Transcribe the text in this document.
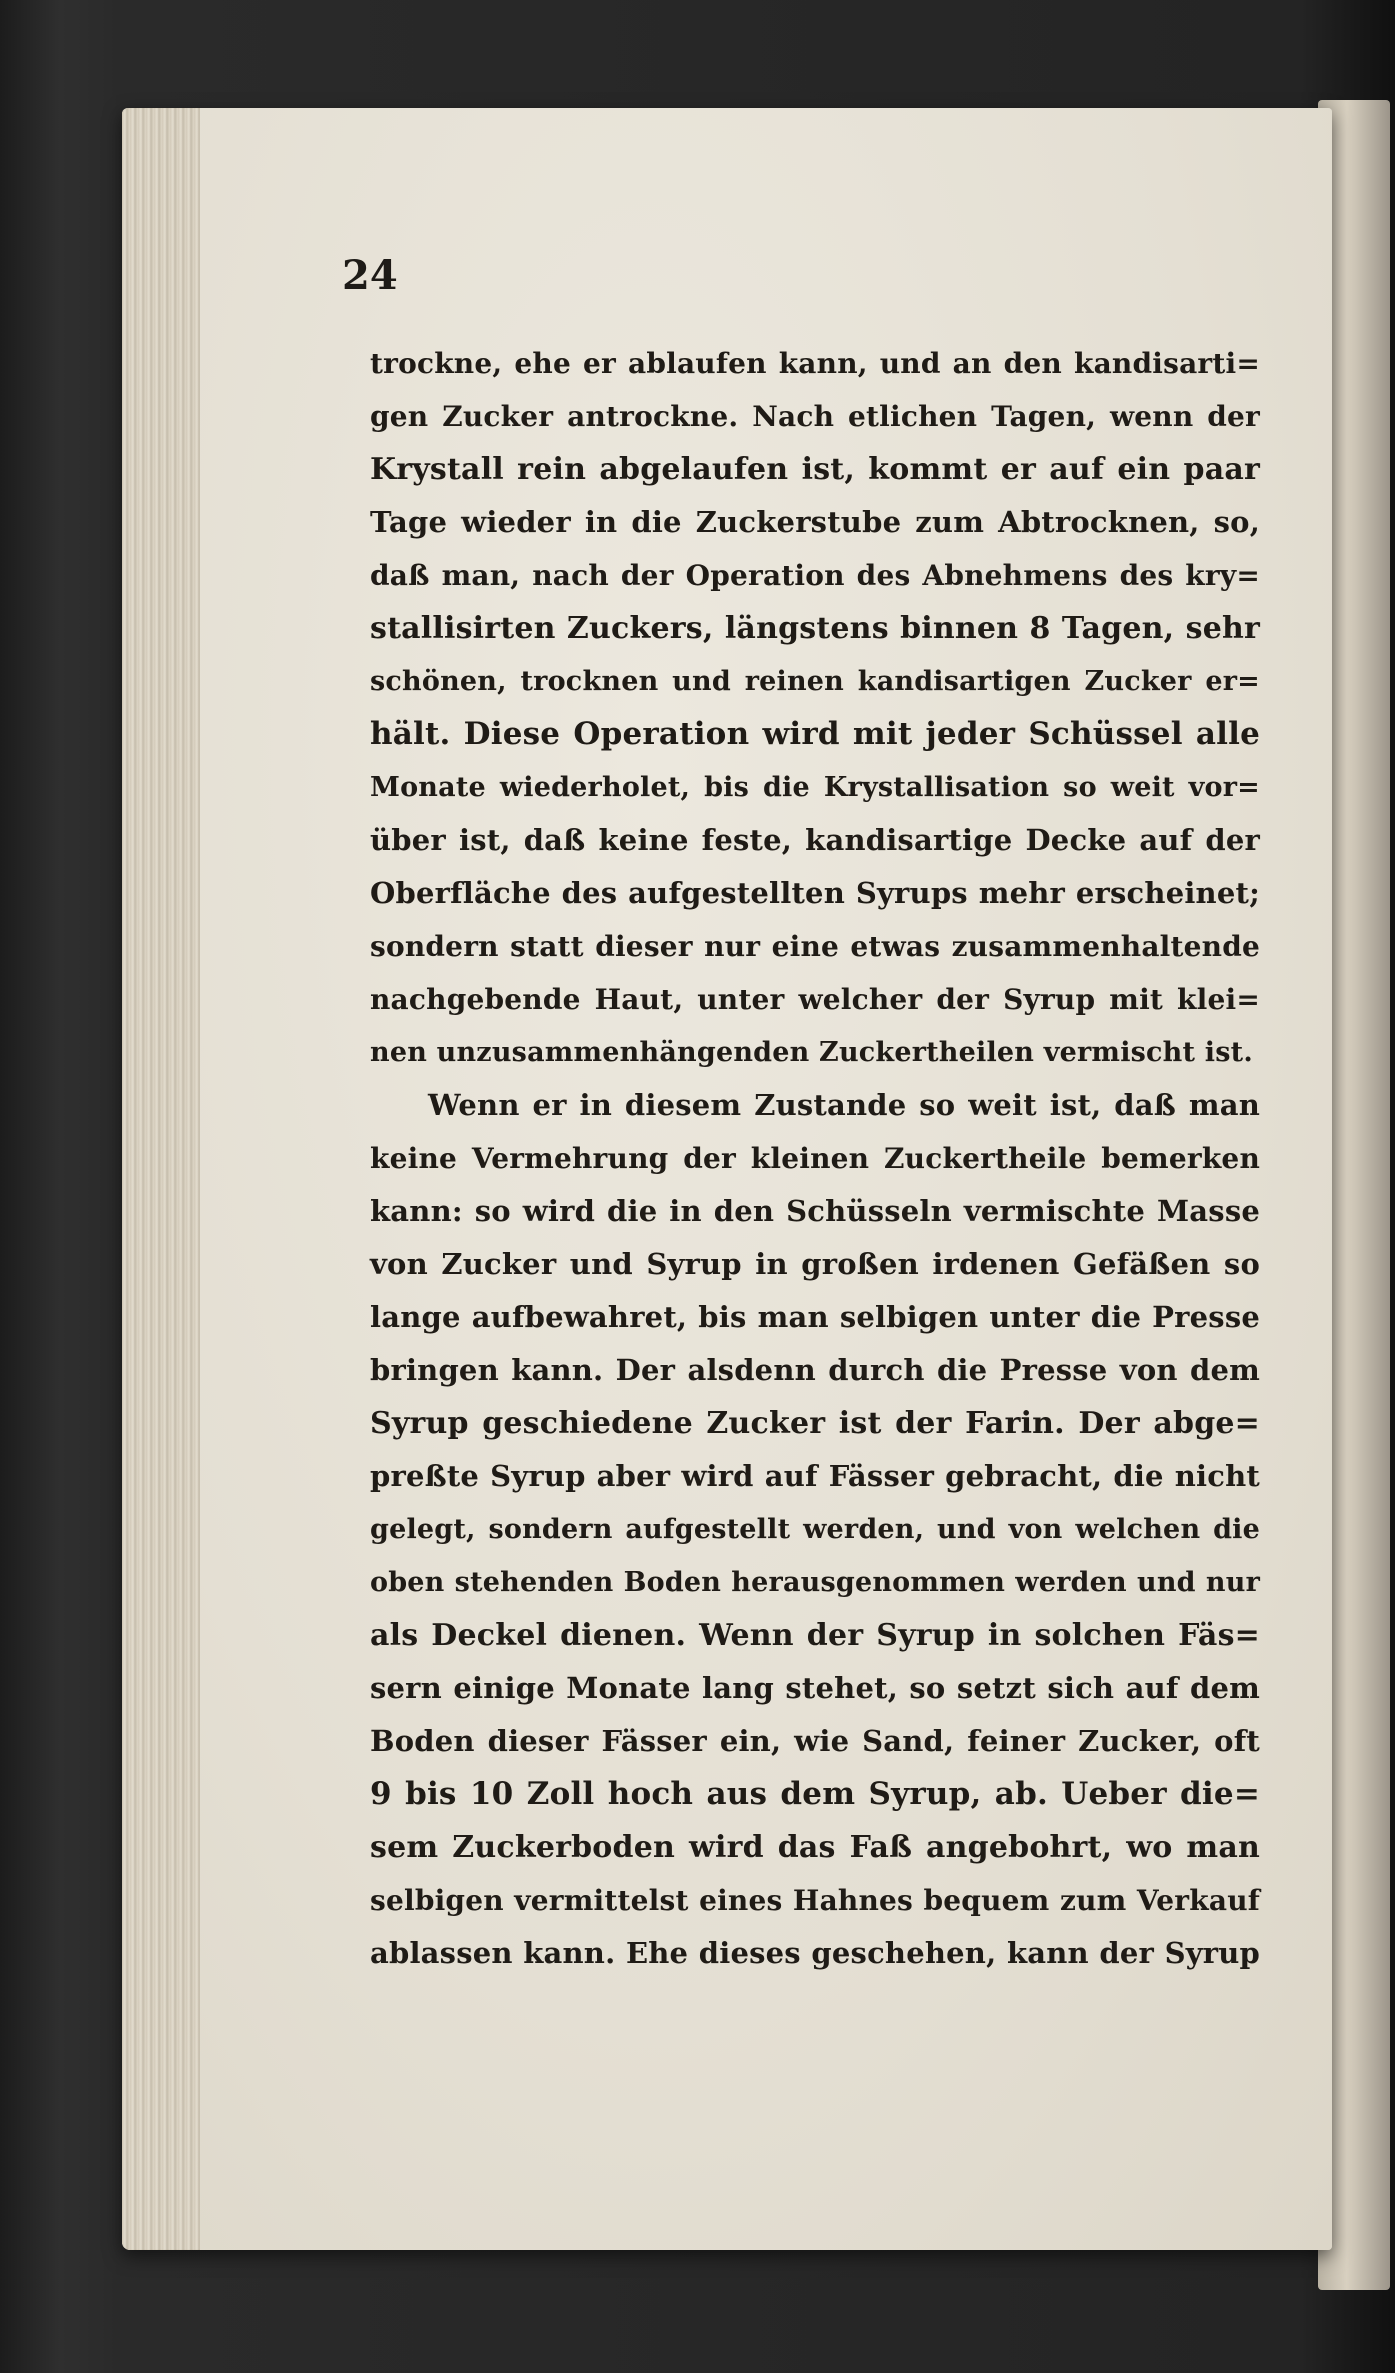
24
trockne, ehe er ablaufen kann, und an den kandisarti=
gen Zucker antrockne. Nach etlichen Tagen, wenn der
Krystall rein abgelaufen ist, kommt er auf ein paar
Tage wieder in die Zuckerstube zum Abtrocknen, so,
daß man, nach der Operation des Abnehmens des kry=
stallisirten Zuckers, längstens binnen 8 Tagen, sehr
schönen, trocknen und reinen kandisartigen Zucker er=
hält. Diese Operation wird mit jeder Schüssel alle
Monate wiederholet, bis die Krystallisation so weit vor=
über ist, daß keine feste, kandisartige Decke auf der
Oberfläche des aufgestellten Syrups mehr erscheinet;
sondern statt dieser nur eine etwas zusammenhaltende
nachgebende Haut, unter welcher der Syrup mit klei=
nen unzusammenhängenden Zuckertheilen vermischt ist.
Wenn er in diesem Zustande so weit ist, daß man
keine Vermehrung der kleinen Zuckertheile bemerken
kann: so wird die in den Schüsseln vermischte Masse
von Zucker und Syrup in großen irdenen Gefäßen so
lange aufbewahret, bis man selbigen unter die Presse
bringen kann. Der alsdenn durch die Presse von dem
Syrup geschiedene Zucker ist der Farin. Der abge=
preßte Syrup aber wird auf Fässer gebracht, die nicht
gelegt, sondern aufgestellt werden, und von welchen die
oben stehenden Boden herausgenommen werden und nur
als Deckel dienen. Wenn der Syrup in solchen Fäs=
sern einige Monate lang stehet, so setzt sich auf dem
Boden dieser Fässer ein, wie Sand, feiner Zucker, oft
9 bis 10 Zoll hoch aus dem Syrup, ab. Ueber die=
sem Zuckerboden wird das Faß angebohrt, wo man
selbigen vermittelst eines Hahnes bequem zum Verkauf
ablassen kann. Ehe dieses geschehen, kann der Syrup
